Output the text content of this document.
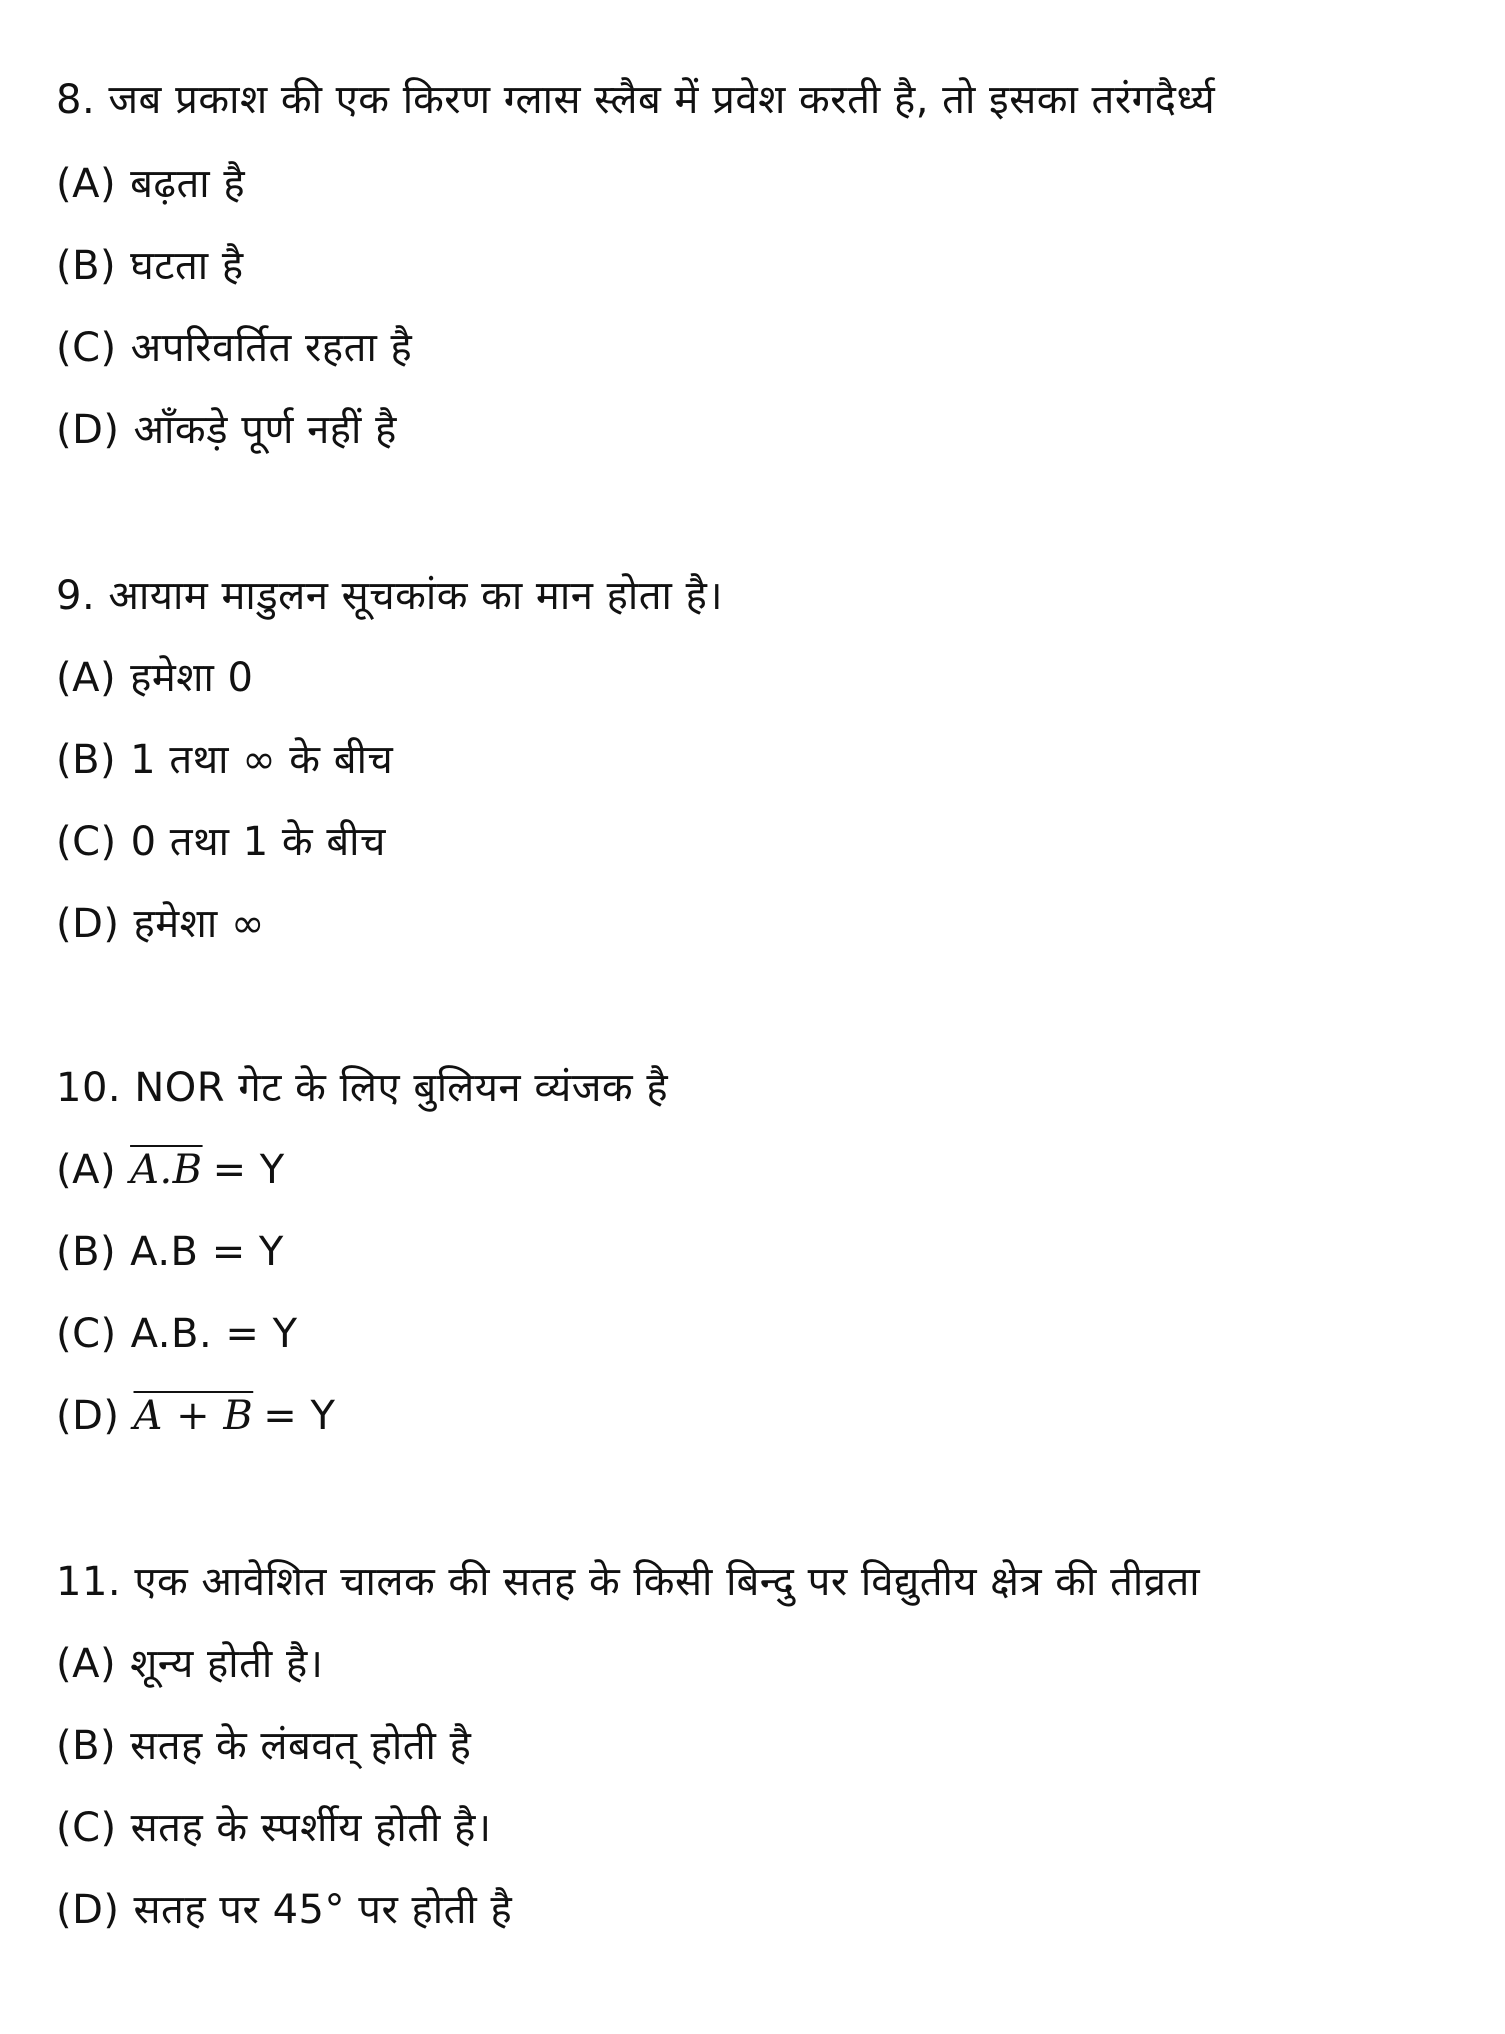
8. जब प्रकाश की एक किरण ग्लास स्लैब में प्रवेश करती है, तो इसका तरंगदैर्ध्य
(A) बढ़ता है
(B) घटता है
(C) अपरिवर्तित रहता है
(D) आँकड़े पूर्ण नहीं है
9. आयाम माडुलन सूचकांक का मान होता है।
(A) हमेशा 0
(B) 1 तथा ∞ के बीच
(C) 0 तथा 1 के बीच
(D) हमेशा ∞
10. NOR गेट के लिए बुलियन व्यंजक है
(A) A.B = Y
(B) A.B = Y
(C) A.B. = Y
(D) A + B = Y
11. एक आवेशित चालक की सतह के किसी बिन्दु पर विद्युतीय क्षेत्र की तीव्रता
(A) शून्य होती है।
(B) सतह के लंबवत् होती है
(C) सतह के स्पर्शीय होती है।
(D) सतह पर 45° पर होती है
